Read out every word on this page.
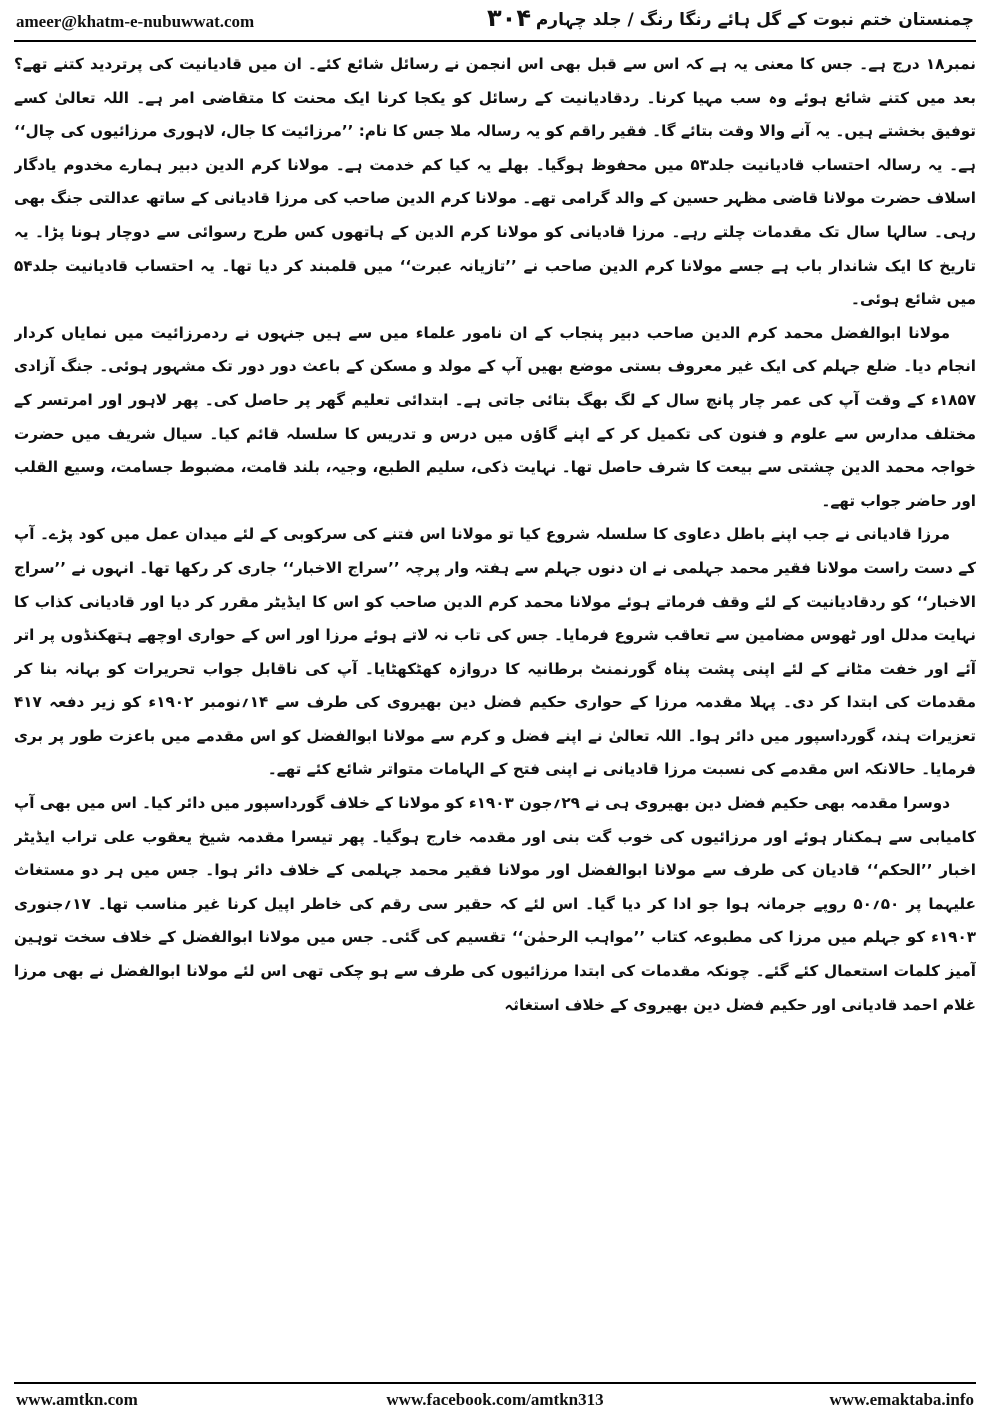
ameer@khatm-e-nubuwwat.com	۳۰۴ چمنستان ختم نبوت کے گل ہائے رنگا رنگ / جلد چہارم

نمبر۱۸ درج ہے۔ جس کا معنی یہ ہے کہ اس سے قبل بھی اس انجمن نے رسائل شائع کئے۔ ان میں قادیانیت کی پرتردید کتنے تھے؟ بعد میں کتنے شائع ہوئے وہ سب مہیا کرنا۔ ردقادیانیت کے رسائل کو یکجا کرنا ایک محنت کا متقاضی امر ہے۔ اللہ تعالیٰ کسے توفیق بخشتے ہیں۔ یہ آنے والا وقت بتائے گا۔ فقیر راقم کو یہ رسالہ ملا جس کا نام: ’’مرزائیت کا جال، لاہوری مرزائیوں کی چال‘‘ ہے۔ یہ رسالہ احتساب قادیانیت جلد۵۳ میں محفوظ ہوگیا۔ بھلے یہ کیا کم خدمت ہے۔ مولانا کرم الدین دبیر ہمارے مخدوم یادگار اسلاف حضرت مولانا قاضی مظہر حسین کے والد گرامی تھے۔ مولانا کرم الدین صاحب کی مرزا قادیانی کے ساتھ عدالتی جنگ بھی رہی۔ سالہا سال تک مقدمات چلتے رہے۔ مرزا قادیانی کو مولانا کرم الدین کے ہاتھوں کس طرح رسوائی سے دوچار ہونا پڑا۔ یہ تاریخ کا ایک شاندار باب ہے جسے مولانا کرم الدین صاحب نے ’’تازیانہ عبرت‘‘ میں قلمبند کر دیا تھا۔ یہ احتساب قادیانیت جلد۵۴ میں شائع ہوئی۔

مولانا ابوالفضل محمد کرم الدین صاحب دبیر پنجاب کے ان نامور علماء میں سے ہیں جنہوں نے ردمرزائیت میں نمایاں کردار انجام دیا۔ ضلع جہلم کی ایک غیر معروف بستی موضع بھیں آپ کے مولد و مسکن کے باعث دور دور تک مشہور ہوئی۔ جنگ آزادی ۱۸۵۷ء کے وقت آپ کی عمر چار پانچ سال کے لگ بھگ بتائی جاتی ہے۔ ابتدائی تعلیم گھر پر حاصل کی۔ پھر لاہور اور امرتسر کے مختلف مدارس سے علوم و فنون کی تکمیل کر کے اپنے گاؤں میں درس و تدریس کا سلسلہ قائم کیا۔ سیال شریف میں حضرت خواجہ محمد الدین چشتی سے بیعت کا شرف حاصل تھا۔ نہایت ذکی، سلیم الطبع، وجیہ، بلند قامت، مضبوط جسامت، وسیع القلب اور حاضر جواب تھے۔

مرزا قادیانی نے جب اپنے باطل دعاوی کا سلسلہ شروع کیا تو مولانا اس فتنے کی سرکوبی کے لئے میدان عمل میں کود پڑے۔ آپ کے دست راست مولانا فقیر محمد جہلمی نے ان دنوں جہلم سے ہفتہ وار پرچہ ’’سراج الاخبار‘‘ جاری کر رکھا تھا۔ انہوں نے ’’سراج الاخبار‘‘ کو ردقادیانیت کے لئے وقف فرماتے ہوئے مولانا محمد کرم الدین صاحب کو اس کا ایڈیٹر مقرر کر دیا اور قادیانی کذاب کا نہایت مدلل اور ٹھوس مضامین سے تعاقب شروع فرمایا۔ جس کی تاب نہ لاتے ہوئے مرزا اور اس کے حواری اوچھے ہتھکنڈوں پر اتر آئے اور خفت مٹانے کے لئے اپنی پشت پناہ گورنمنٹ برطانیہ کا دروازہ کھٹکھٹایا۔ آپ کی ناقابل جواب تحریرات کو بہانہ بنا کر مقدمات کی ابتدا کر دی۔ پہلا مقدمہ مرزا کے حواری حکیم فضل دین بھیروی کی طرف سے ۱۴؍نومبر ۱۹۰۲ء کو زیر دفعہ ۴۱۷ تعزیرات ہند، گورداسپور میں دائر ہوا۔ اللہ تعالیٰ نے اپنے فضل و کرم سے مولانا ابوالفضل کو اس مقدمے میں باعزت طور پر بری فرمایا۔ حالانکہ اس مقدمے کی نسبت مرزا قادیانی نے اپنی فتح کے الہامات متواتر شائع کئے تھے۔

دوسرا مقدمہ بھی حکیم فضل دین بھیروی ہی نے ۲۹؍جون ۱۹۰۳ء کو مولانا کے خلاف گورداسپور میں دائر کیا۔ اس میں بھی آپ کامیابی سے ہمکنار ہوئے اور مرزائیوں کی خوب گت بنی اور مقدمہ خارج ہوگیا۔ پھر تیسرا مقدمہ شیخ یعقوب علی تراب ایڈیٹر اخبار ’’الحکم‘‘ قادیان کی طرف سے مولانا ابوالفضل اور مولانا فقیر محمد جہلمی کے خلاف دائر ہوا۔ جس میں ہر دو مستغاث علیہما پر ۵۰؍۵۰ روپے جرمانہ ہوا جو ادا کر دیا گیا۔ اس لئے کہ حقیر سی رقم کی خاطر اپیل کرنا غیر مناسب تھا۔ ۱۷؍جنوری ۱۹۰۳ء کو جہلم میں مرزا کی مطبوعہ کتاب ’’مواہب الرحمٰن‘‘ تقسیم کی گئی۔ جس میں مولانا ابوالفضل کے خلاف سخت توہین آمیز کلمات استعمال کئے گئے۔ چونکہ مقدمات کی ابتدا مرزائیوں کی طرف سے ہو چکی تھی اس لئے مولانا ابوالفضل نے بھی مرزا غلام احمد قادیانی اور حکیم فضل دین بھیروی کے خلاف استغاثہ

www.amtkn.com	www.facebook.com/amtkn313	www.emaktaba.info
